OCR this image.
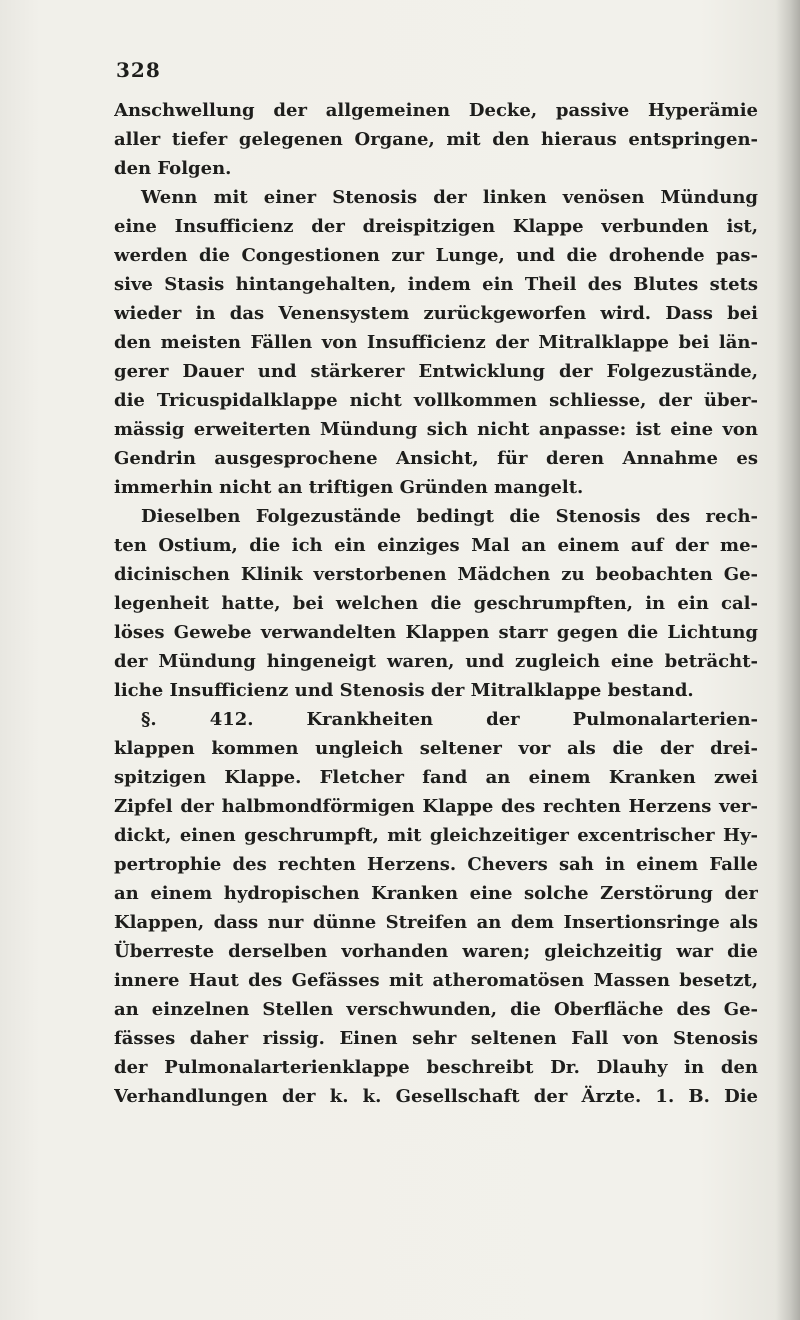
328
Anschwellung der allgemeinen Decke, passive Hyperämie
aller tiefer gelegenen Organe, mit den hieraus entspringen-
den Folgen.
Wenn mit einer Stenosis der linken venösen Mündung
eine Insufficienz der dreispitzigen Klappe verbunden ist,
werden die Congestionen zur Lunge, und die drohende pas-
sive Stasis hintangehalten, indem ein Theil des Blutes stets
wieder in das Venensystem zurückgeworfen wird. Dass bei
den meisten Fällen von Insufficienz der Mitralklappe bei län-
gerer Dauer und stärkerer Entwicklung der Folgezustände,
die Tricuspidalklappe nicht vollkommen schliesse, der über-
mässig erweiterten Mündung sich nicht anpasse: ist eine von
Gendrin ausgesprochene Ansicht, für deren Annahme es
immerhin nicht an triftigen Gründen mangelt.
Dieselben Folgezustände bedingt die Stenosis des rech-
ten Ostium, die ich ein einziges Mal an einem auf der me-
dicinischen Klinik verstorbenen Mädchen zu beobachten Ge-
legenheit hatte, bei welchen die geschrumpften, in ein cal-
löses Gewebe verwandelten Klappen starr gegen die Lichtung
der Mündung hingeneigt waren, und zugleich eine beträcht-
liche Insufficienz und Stenosis der Mitralklappe bestand.
§. 412. Krankheiten der Pulmonalarterien-
klappen kommen ungleich seltener vor als die der drei-
spitzigen Klappe. Fletcher fand an einem Kranken zwei
Zipfel der halbmondförmigen Klappe des rechten Herzens ver-
dickt, einen geschrumpft, mit gleichzeitiger excentrischer Hy-
pertrophie des rechten Herzens. Chevers sah in einem Falle
an einem hydropischen Kranken eine solche Zerstörung der
Klappen, dass nur dünne Streifen an dem Insertionsringe als
Überreste derselben vorhanden waren; gleichzeitig war die
innere Haut des Gefässes mit atheromatösen Massen besetzt,
an einzelnen Stellen verschwunden, die Oberfläche des Ge-
fässes daher rissig. Einen sehr seltenen Fall von Stenosis
der Pulmonalarterienklappe beschreibt Dr. Dlauhy in den
Verhandlungen der k. k. Gesellschaft der Ärzte. 1. B. Die
